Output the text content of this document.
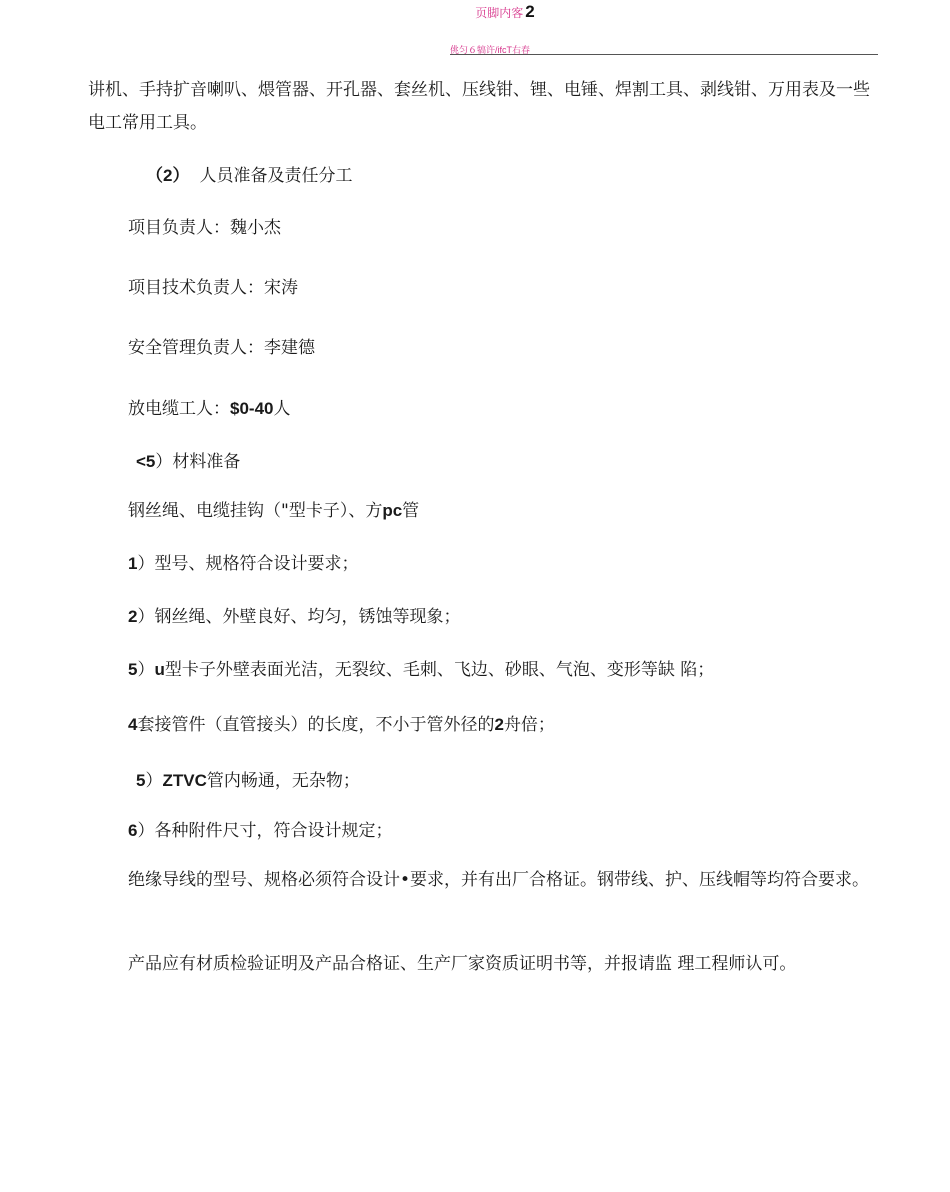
页脚内客 2
佻匀６犒许/ifcT右春
讲机、手持扩音喇叭、煨管器、开孔器、套丝机、压线钳、锂、电锤、焊割工具、剥线钳、万用表及一些电工常用工具。
（2） 人员准备及责任分工
项目负责人：魏小杰
项目技术负责人：宋涛
安全管理负责人：李建德
放电缆工人：$0-40人
<5）材料准备
钢丝绳、电缆挂钩（"型卡子）、方pc管
1）型号、规格符合设计要求；
2）钢丝绳、外壁良好、均匀，锈蚀等现象；
5）u型卡子外壁表面光洁，无裂纹、毛刺、飞边、砂眼、气泡、变形等缺 陷；
4套接管件（直管接头）的长度，不小于管外径的2舟倍；
5）ZTVC管内畅通，无杂物；
6）各种附件尺寸，符合设计规定；
绝缘导线的型号、规格必须符合设计•要求，并有出厂合格证。钢带线、护、压线帽等均符合要求。
产品应有材质检验证明及产品合格证、生产厂家资质证明书等，并报请监 理工程师认可。
